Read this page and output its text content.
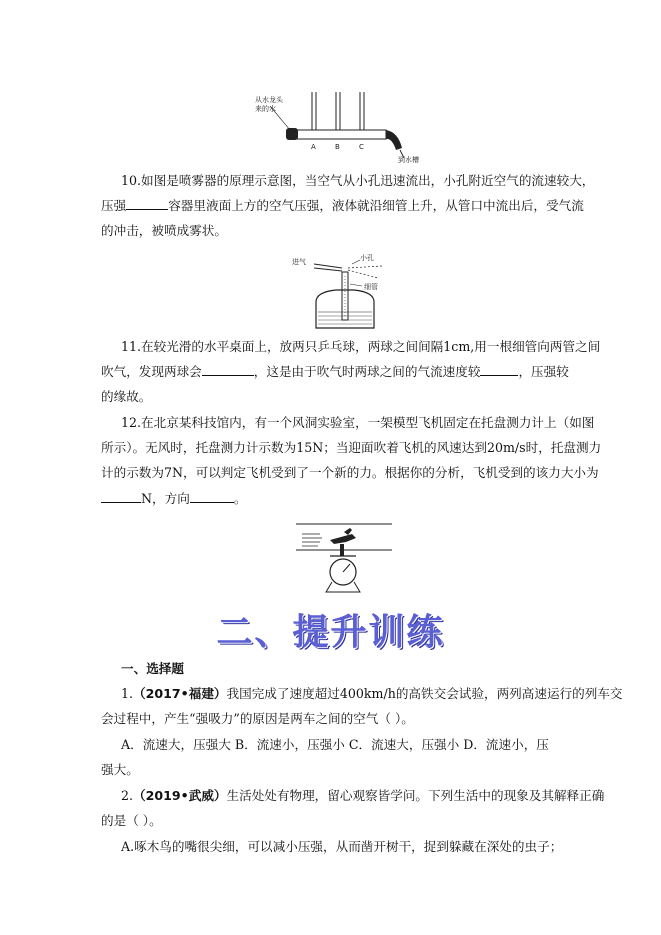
从水龙头
来的水
A	B	C
到水槽
10.如图是喷雾器的原理示意图，当空气从小孔迅速流出，小孔附近空气的流速较大，
压强	容器里液面上方的空气压强，液体就沿细管上升，从管口中流出后，受气流
的冲击，被喷成雾状。
进气	小孔
细管
11.在较光滑的水平桌面上，放两只乒乓球，两球之间间隔1cm,用一根细管向两管之间
吹气，发现两球会	，这是由于吹气时两球之间的气流速度较	，压强较
的缘故。
12.在北京某科技馆内，有一个风洞实验室，一架模型飞机固定在托盘测力计上（如图
所示）。无风时，托盘测力计示数为15N；当迎面吹着飞机的风速达到20m/s时，托盘测力
计的示数为7N，可以判定飞机受到了一个新的力。根据你的分析，飞机受到的该力大小为
N，方向	。
二、提升训练
一、选择题
1.（2017•福建）我国完成了速度超过400km/h的高铁交会试验，两列高速运行的列车交
会过程中，产生“强吸力”的原因是两车之间的空气（ ）。
A．流速大，压强大 B．流速小，压强小 C．流速大，压强小 D．流速小，压
强大。
2.（2019•武威）生活处处有物理，留心观察皆学问。下列生活中的现象及其解释正确
的是（ ）。
A.啄木鸟的嘴很尖细，可以减小压强，从而凿开树干，捉到躲藏在深处的虫子；
